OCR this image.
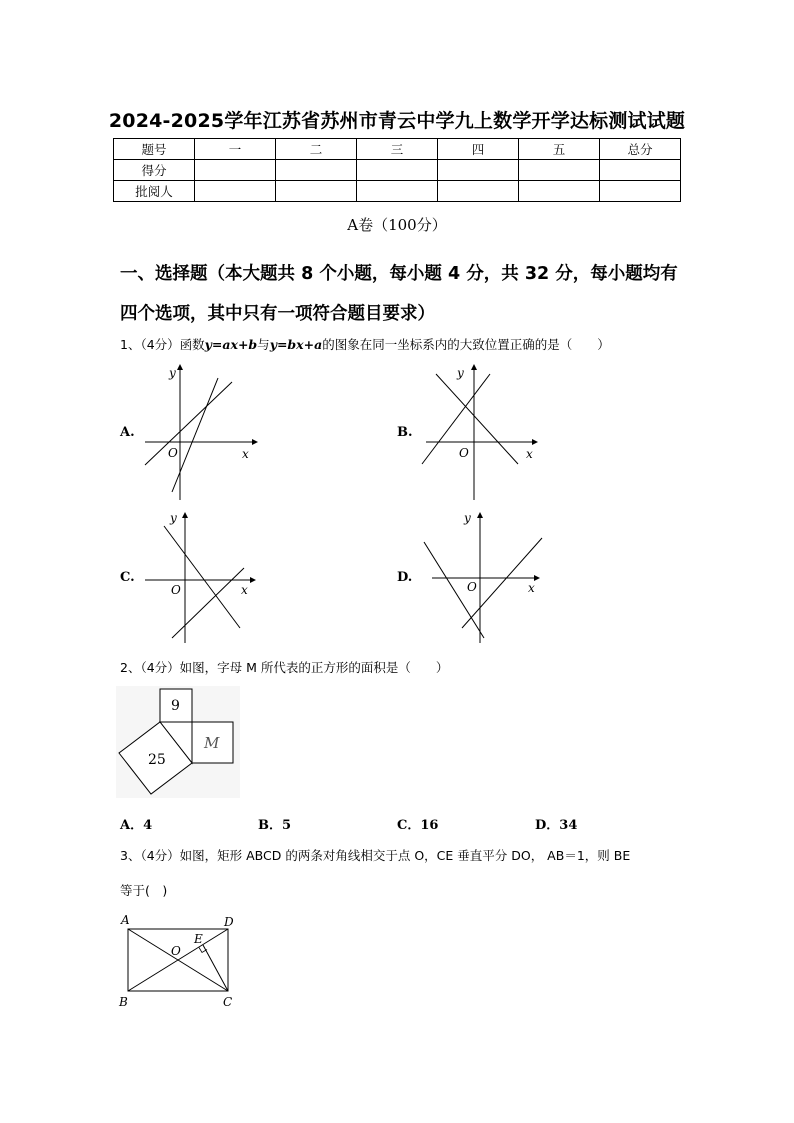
2024-2025学年江苏省苏州市青云中学九上数学开学达标测试试题
题号	一	二	三	四	五	总分
得分						
批阅人						
A卷（100分）
一、选择题（本大题共 8 个小题，每小题 4 分，共 32 分，每小题均有四个选项，其中只有一项符合题目要求）
1、（4分）函数y=ax+b与y=bx+a的图象在同一坐标系内的大致位置正确的是（　　）
A.	B.
C.	D.
y
x
O
y
x
O
y
x
O
y
x
O
2、（4分）如图，字母 M 所代表的正方形的面积是（　　）
9
25
M
A．4	B．5	C．16	D．34
3、（4分）如图，矩形 ABCD 的两条对角线相交于点 O，CE 垂直平分 DO， AB＝1，则 BE
等于(　)
A	D
O
E
B	C
